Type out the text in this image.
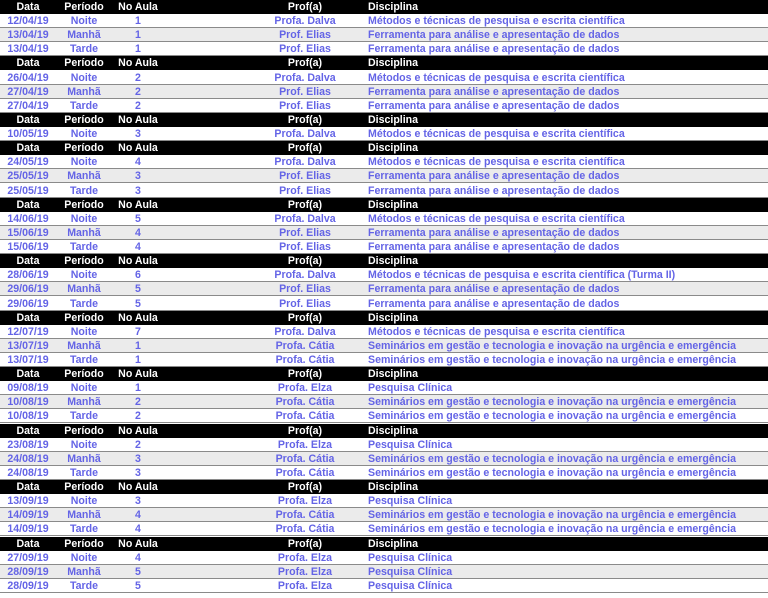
Data	Período	No Aula	Prof(a)	Disciplina
12/04/19	Noite	1	Profa. Dalva	Métodos e técnicas de pesquisa e escrita científica
13/04/19	Manhã	1	Prof. Elias	Ferramenta para análise e apresentação de dados
13/04/19	Tarde	1	Prof. Elias	Ferramenta para análise e apresentação de dados
Data	Período	No Aula	Prof(a)	Disciplina
26/04/19	Noite	2	Profa. Dalva	Métodos e técnicas de pesquisa e escrita científica
27/04/19	Manhã	2	Prof. Elias	Ferramenta para análise e apresentação de dados
27/04/19	Tarde	2	Prof. Elias	Ferramenta para análise e apresentação de dados
Data	Período	No Aula	Prof(a)	Disciplina
10/05/19	Noite	3	Profa. Dalva	Métodos e técnicas de pesquisa e escrita científica
Data	Período	No Aula	Prof(a)	Disciplina
24/05/19	Noite	4	Profa. Dalva	Métodos e técnicas de pesquisa e escrita científica
25/05/19	Manhã	3	Prof. Elias	Ferramenta para análise e apresentação de dados
25/05/19	Tarde	3	Prof. Elias	Ferramenta para análise e apresentação de dados
Data	Período	No Aula	Prof(a)	Disciplina
14/06/19	Noite	5	Profa. Dalva	Métodos e técnicas de pesquisa e escrita científica
15/06/19	Manhã	4	Prof. Elias	Ferramenta para análise e apresentação de dados
15/06/19	Tarde	4	Prof. Elias	Ferramenta para análise e apresentação de dados
Data	Período	No Aula	Prof(a)	Disciplina
28/06/19	Noite	6	Profa. Dalva	Métodos e técnicas de pesquisa e escrita científica (Turma II)
29/06/19	Manhã	5	Prof. Elias	Ferramenta para análise e apresentação de dados
29/06/19	Tarde	5	Prof. Elias	Ferramenta para análise e apresentação de dados
Data	Período	No Aula	Prof(a)	Disciplina
12/07/19	Noite	7	Profa. Dalva	Métodos e técnicas de pesquisa e escrita científica
13/07/19	Manhã	1	Profa. Cátia	Seminários em gestão e tecnologia e inovação na urgência e emergência
13/07/19	Tarde	1	Profa. Cátia	Seminários em gestão e tecnologia e inovação na urgência e emergência
Data	Período	No Aula	Prof(a)	Disciplina
09/08/19	Noite	1	Profa. Elza	Pesquisa Clínica
10/08/19	Manhã	2	Profa. Cátia	Seminários em gestão e tecnologia e inovação na urgência e emergência
10/08/19	Tarde	2	Profa. Cátia	Seminários em gestão e tecnologia e inovação na urgência e emergência
Data	Período	No Aula	Prof(a)	Disciplina
23/08/19	Noite	2	Profa. Elza	Pesquisa Clínica
24/08/19	Manhã	3	Profa. Cátia	Seminários em gestão e tecnologia e inovação na urgência e emergência
24/08/19	Tarde	3	Profa. Cátia	Seminários em gestão e tecnologia e inovação na urgência e emergência
Data	Período	No Aula	Prof(a)	Disciplina
13/09/19	Noite	3	Profa. Elza	Pesquisa Clínica
14/09/19	Manhã	4	Profa. Cátia	Seminários em gestão e tecnologia e inovação na urgência e emergência
14/09/19	Tarde	4	Profa. Cátia	Seminários em gestão e tecnologia e inovação na urgência e emergência
Data	Período	No Aula	Prof(a)	Disciplina
27/09/19	Noite	4	Profa. Elza	Pesquisa Clínica
28/09/19	Manhã	5	Profa. Elza	Pesquisa Clínica
28/09/19	Tarde	5	Profa. Elza	Pesquisa Clínica
